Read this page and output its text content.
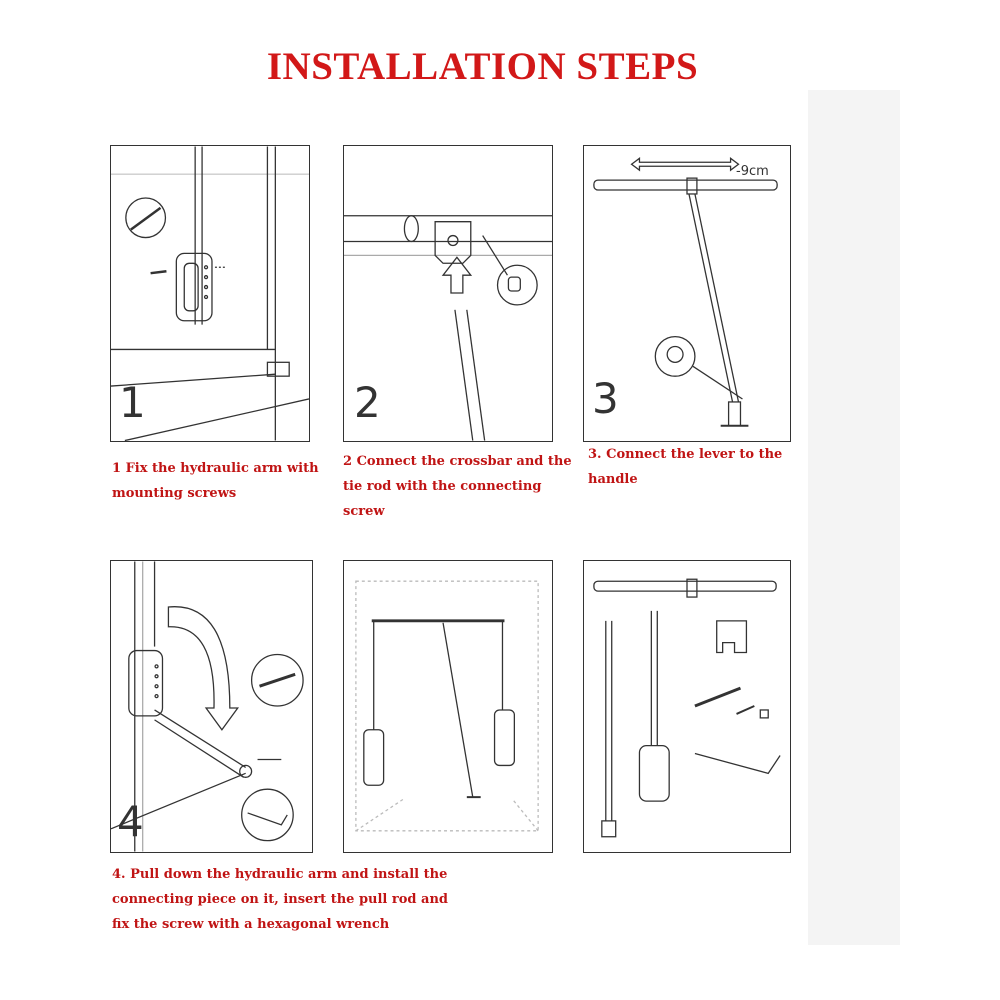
INSTALLATION STEPS
1	2
-9cm
3
4
1 Fix the hydraulic arm with
mounting screws
2 Connect the crossbar and the
tie rod with the connecting
screw
3. Connect the lever to the
handle
4. Pull down the hydraulic arm and install the
connecting piece on it, insert the pull rod and
fix the screw with a hexagonal wrench
